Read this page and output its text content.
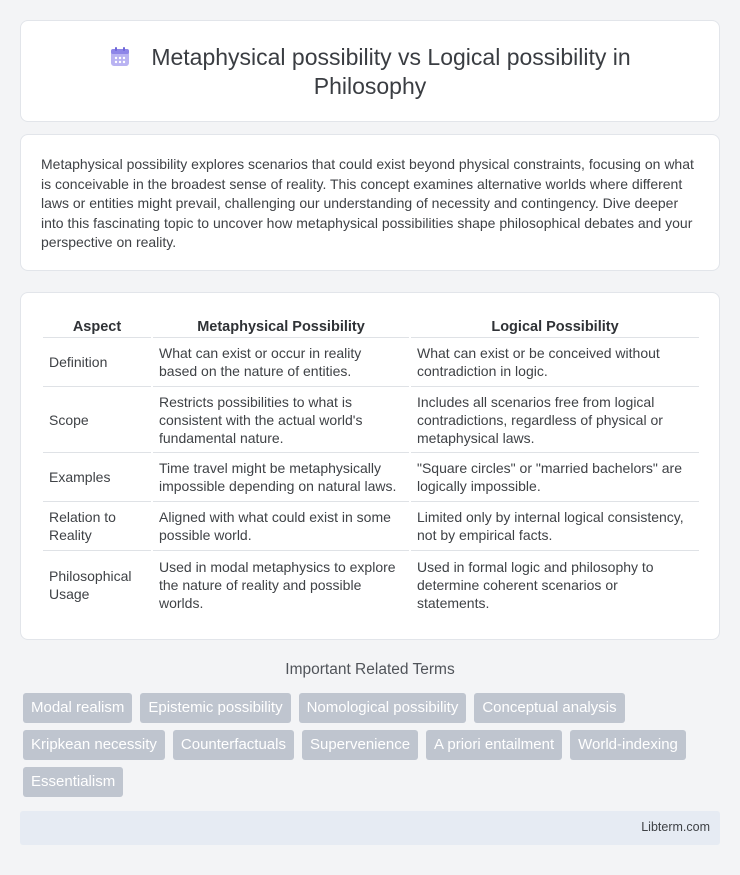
Metaphysical possibility vs Logical possibility in Philosophy

Metaphysical possibility explores scenarios that could exist beyond physical constraints, focusing on what is conceivable in the broadest sense of reality. This concept examines alternative worlds where different laws or entities might prevail, challenging our understanding of necessity and contingency. Dive deeper into this fascinating topic to uncover how metaphysical possibilities shape philosophical debates and your perspective on reality.

Aspect	Metaphysical Possibility	Logical Possibility
Definition	What can exist or occur in reality based on the nature of entities.	What can exist or be conceived without contradiction in logic.
Scope	Restricts possibilities to what is consistent with the actual world's fundamental nature.	Includes all scenarios free from logical contradictions, regardless of physical or metaphysical laws.
Examples	Time travel might be metaphysically impossible depending on natural laws.	"Square circles" or "married bachelors" are logically impossible.
Relation to Reality	Aligned with what could exist in some possible world.	Limited only by internal logical consistency, not by empirical facts.
Philosophical Usage	Used in modal metaphysics to explore the nature of reality and possible worlds.	Used in formal logic and philosophy to determine coherent scenarios or statements.
Important Related Terms
Modal realism	Epistemic possibility	Nomological possibility	Conceptual analysis
Kripkean necessity	Counterfactuals	Supervenience	A priori entailment	World-indexing
Essentialism
Libterm.com
